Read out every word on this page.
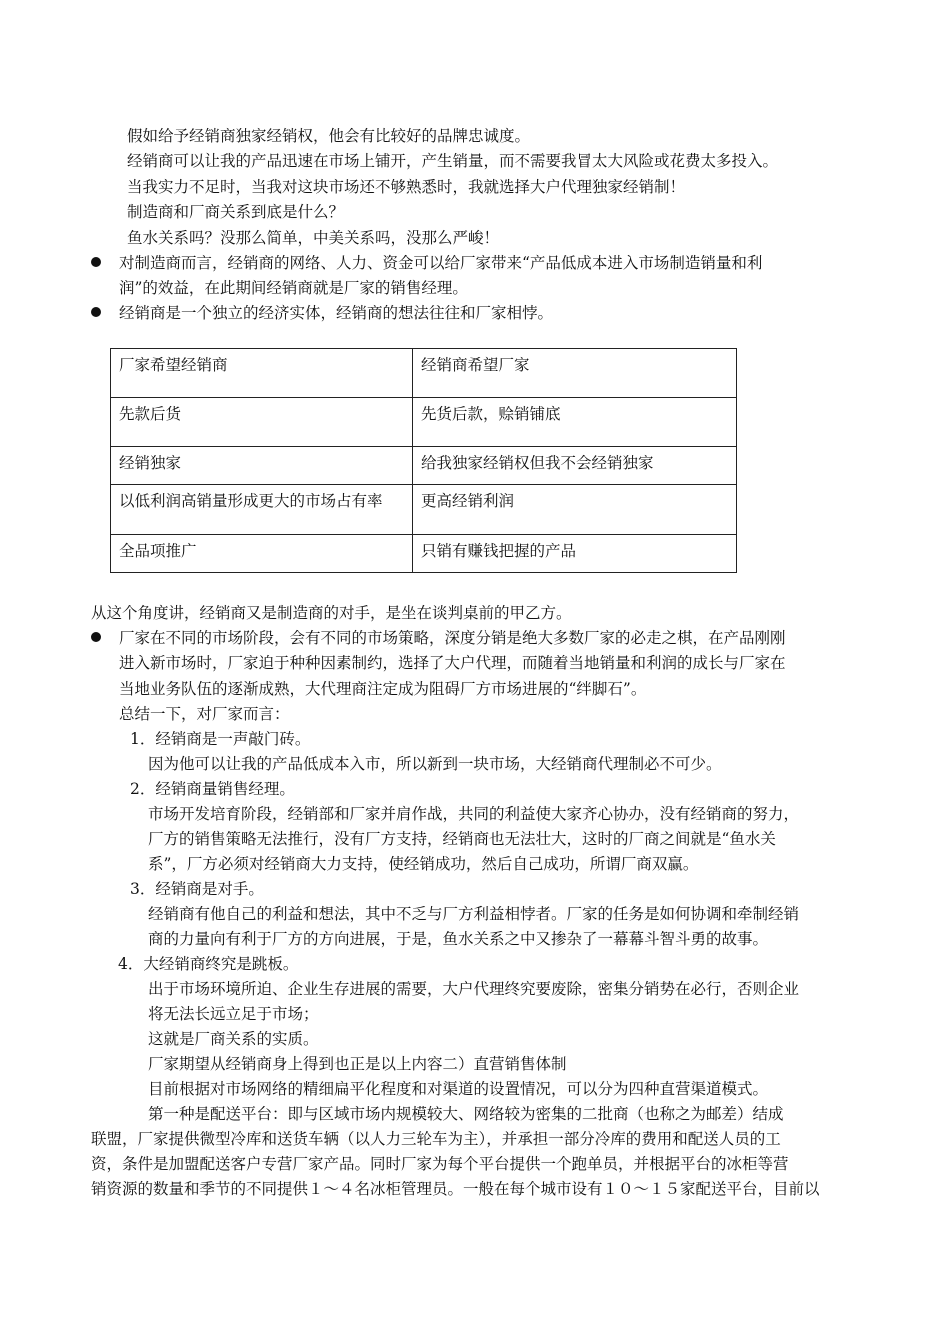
假如给予经销商独家经销权，他会有比较好的品牌忠诚度。
经销商可以让我的产品迅速在市场上铺开，产生销量，而不需要我冒太大风险或花费太多投入。
当我实力不足时，当我对这块市场还不够熟悉时，我就选择大户代理独家经销制！
制造商和厂商关系到底是什么？
鱼水关系吗？没那么简单，中美关系吗，没那么严峻！
对制造商而言，经销商的网络、人力、资金可以给厂家带来“产品低成本进入市场制造销量和利
润”的效益，在此期间经销商就是厂家的销售经理。
经销商是一个独立的经济实体，经销商的想法往往和厂家相悖。
厂家希望经销商	经销商希望厂家
先款后货	先货后款，赊销铺底
经销独家	给我独家经销权但我不会经销独家
以低利润高销量形成更大的市场占有率	更高经销利润
全品项推广	只销有赚钱把握的产品
从这个角度讲，经销商又是制造商的对手，是坐在谈判桌前的甲乙方。
厂家在不同的市场阶段，会有不同的市场策略，深度分销是绝大多数厂家的必走之棋，在产品刚刚
进入新市场时，厂家迫于种种因素制约，选择了大户代理，而随着当地销量和利润的成长与厂家在
当地业务队伍的逐渐成熟，大代理商注定成为阻碍厂方市场进展的“绊脚石”。
总结一下，对厂家而言：
1．经销商是一声敲门砖。
因为他可以让我的产品低成本入市，所以新到一块市场，大经销商代理制必不可少。
2．经销商量销售经理。
市场开发培育阶段，经销部和厂家并肩作战，共同的利益使大家齐心协办，没有经销商的努力，
厂方的销售策略无法推行，没有厂方支持，经销商也无法壮大，这时的厂商之间就是“鱼水关
系”，厂方必须对经销商大力支持，使经销成功，然后自己成功，所谓厂商双赢。
3．经销商是对手。
经销商有他自己的利益和想法，其中不乏与厂方利益相悖者。厂家的任务是如何协调和牵制经销
商的力量向有利于厂方的方向进展，于是，鱼水关系之中又掺杂了一幕幕斗智斗勇的故事。
4．大经销商终究是跳板。
出于市场环境所迫、企业生存进展的需要，大户代理终究要废除，密集分销势在必行，否则企业
将无法长远立足于市场；
这就是厂商关系的实质。
厂家期望从经销商身上得到也正是以上内容二）直营销售体制
目前根据对市场网络的精细扁平化程度和对渠道的设置情况，可以分为四种直营渠道模式。
第一种是配送平台：即与区域市场内规模较大、网络较为密集的二批商（也称之为邮差）结成
联盟，厂家提供微型冷库和送货车辆（以人力三轮车为主），并承担一部分冷库的费用和配送人员的工
资，条件是加盟配送客户专营厂家产品。同时厂家为每个平台提供一个跑单员，并根据平台的冰柜等营
销资源的数量和季节的不同提供１～４名冰柜管理员。一般在每个城市设有１０～１５家配送平台，目前以
